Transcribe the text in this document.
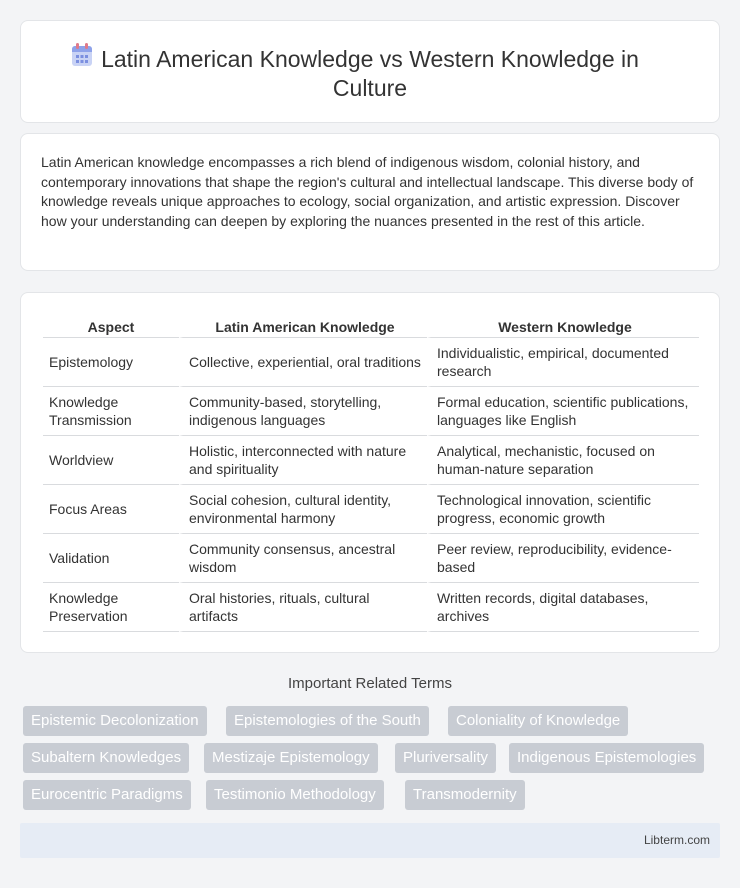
Latin American Knowledge vs Western Knowledge in Culture

Latin American knowledge encompasses a rich blend of indigenous wisdom, colonial history, and contemporary innovations that shape the region's cultural and intellectual landscape. This diverse body of knowledge reveals unique approaches to ecology, social organization, and artistic expression. Discover how your understanding can deepen by exploring the nuances presented in the rest of this article.

Aspect	Latin American Knowledge	Western Knowledge
Epistemology	Collective, experiential, oral traditions	Individualistic, empirical, documented research
Knowledge Transmission	Community-based, storytelling, indigenous languages	Formal education, scientific publications, languages like English
Worldview	Holistic, interconnected with nature and spirituality	Analytical, mechanistic, focused on human-nature separation
Focus Areas	Social cohesion, cultural identity, environmental harmony	Technological innovation, scientific progress, economic growth
Validation	Community consensus, ancestral wisdom	Peer review, reproducibility, evidence-based
Knowledge Preservation	Oral histories, rituals, cultural artifacts	Written records, digital databases, archives
Important Related Terms
Epistemic Decolonization	Epistemologies of the South	Coloniality of Knowledge
Subaltern Knowledges	Mestizaje Epistemology	Pluriversality	Indigenous Epistemologies
Eurocentric Paradigms	Testimonio Methodology	Transmodernity
Libterm.com
